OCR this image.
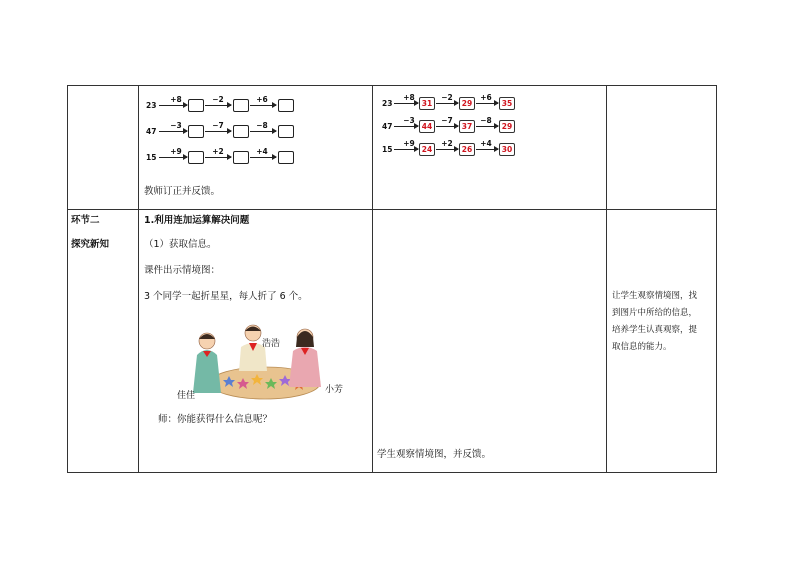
23
+8	−2	+6
47
−3	−7	−8
15
+9	+2	+4
教师订正并反馈。
23
+8
31
−2
29
+6
35
47
−3
44
−7
37
−8
29
15
+9
24
+2
26
+4
30
环节二
探究新知
1.利用连加运算解决问题
（1）获取信息。
课件出示情境图：
3 个同学一起折星星，每人折了 6 个。
浩浩
佳佳
小芳
师：你能获得什么信息呢？
学生观察情境图，并反馈。
让学生观察情境图，找
到图片中所给的信息，
培养学生认真观察，提
取信息的能力。
